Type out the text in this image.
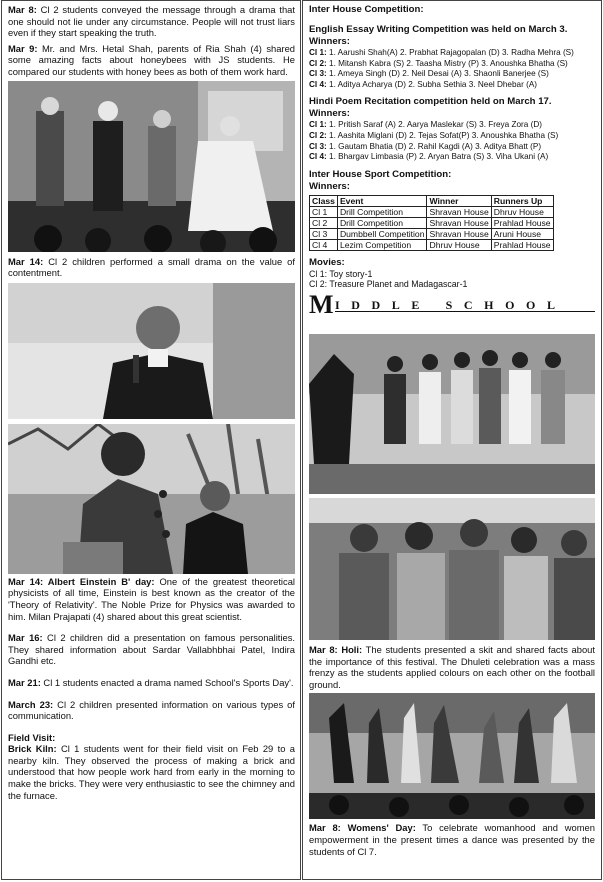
Mar 8: Cl 2 students conveyed the message through a drama that one should not lie under any circumstance. People will not trust liars even if they start speaking the truth.

Mar 9: Mr. and Mrs. Hetal Shah, parents of Ria Shah (4) shared some amazing facts about honeybees with JS students. He compared our students with honey bees as both of them work hard.

Mar 14: Cl 2 children performed a small drama on the value of contentment.

Mar 14: Albert Einstein B' day: One of the greatest theoretical physicists of all time, Einstein is best known as the creator of the 'Theory of Relativity'. The Noble Prize for Physics was awarded to him. Milan Prajapati (4) shared about this great scientist.

Mar 16: Cl 2 children did a presentation on famous personalities. They shared information about Sardar Vallabhbhai Patel, Indira Gandhi etc.

Mar 21: Cl 1 students enacted a drama named School's Sports Day'.

March 23: Cl 2 children presented information on various types of communication.

Field Visit:

Brick Kiln: Cl 1 students went for their field visit on Feb 29 to a nearby kiln. They observed the process of making a brick and understood that how people work hard from early in the morning to make the bricks. They were very enthusiastic to see the chimney and the furnace.

Inter House Competition:

English Essay Writing Competition was held on March 3.

Winners:

Cl 1: 1. Aarushi Shah(A) 2. Prabhat Rajagopalan (D) 3. Radha Mehra (S)

Cl 2: 1. Mitansh Kabra (S) 2. Taasha Mistry (P) 3. Anoushka Bhatha (S)

Cl 3: 1. Ameya Singh (D) 2. Neil Desai (A) 3. Shaonli Banerjee (S)

Cl 4: 1. Aditya Acharya (D) 2. Subha Sethia 3. Neel Dhebar (A)

Hindi Poem Recitation competition held on March 17.

Winners:

Cl 1: 1. Pritish Saraf (A) 2. Aarya Maslekar (S) 3. Freya Zora (D)

Cl 2: 1. Aashita Miglani (D) 2. Tejas Sofat(P) 3. Anoushka Bhatha (S)

Cl 3: 1. Gautam Bhatia (D) 2. Rahil Kagdi (A) 3. Aditya Bhatt (P)

Cl 4: 1. Bhargav Limbasia (P) 2. Aryan Batra (S) 3. Viha Ukani (A)

Inter House Sport Competition:

Winners:

Class	Event	Winner	Runners Up
Cl 1	Drill Competition	Shravan House	Dhruv House
Cl 2	Drill Competition	Shravan House	Prahlad House
Cl 3	Dumbbell Competition	Shravan House	Aruni House
Cl 4	Lezim Competition	Dhruv House	Prahlad House

Movies:

Cl 1: Toy story-1

Cl 2: Treasure Planet and Madagascar-1

M IDDLE SCHOOL

Mar 8: Holi: The students presented a skit and shared facts about the importance of this festival. The Dhuleti celebration was a mass frenzy as the students applied colours on each other on the football ground.

Mar 8: Womens' Day: To celebrate womanhood and women empowerment in the present times a dance was presented by the students of Cl 7.
